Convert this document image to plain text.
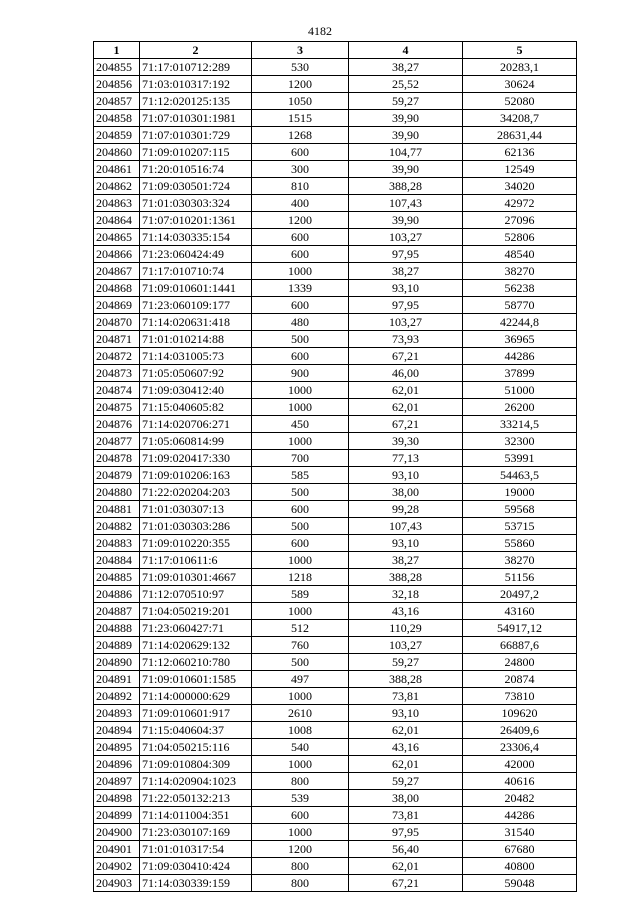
4182
1	2	3	4	5
204855	71:17:010712:289	530	38,27	20283,1
204856	71:03:010317:192	1200	25,52	30624
204857	71:12:020125:135	1050	59,27	52080
204858	71:07:010301:1981	1515	39,90	34208,7
204859	71:07:010301:729	1268	39,90	28631,44
204860	71:09:010207:115	600	104,77	62136
204861	71:20:010516:74	300	39,90	12549
204862	71:09:030501:724	810	388,28	34020
204863	71:01:030303:324	400	107,43	42972
204864	71:07:010201:1361	1200	39,90	27096
204865	71:14:030335:154	600	103,27	52806
204866	71:23:060424:49	600	97,95	48540
204867	71:17:010710:74	1000	38,27	38270
204868	71:09:010601:1441	1339	93,10	56238
204869	71:23:060109:177	600	97,95	58770
204870	71:14:020631:418	480	103,27	42244,8
204871	71:01:010214:88	500	73,93	36965
204872	71:14:031005:73	600	67,21	44286
204873	71:05:050607:92	900	46,00	37899
204874	71:09:030412:40	1000	62,01	51000
204875	71:15:040605:82	1000	62,01	26200
204876	71:14:020706:271	450	67,21	33214,5
204877	71:05:060814:99	1000	39,30	32300
204878	71:09:020417:330	700	77,13	53991
204879	71:09:010206:163	585	93,10	54463,5
204880	71:22:020204:203	500	38,00	19000
204881	71:01:030307:13	600	99,28	59568
204882	71:01:030303:286	500	107,43	53715
204883	71:09:010220:355	600	93,10	55860
204884	71:17:010611:6	1000	38,27	38270
204885	71:09:010301:4667	1218	388,28	51156
204886	71:12:070510:97	589	32,18	20497,2
204887	71:04:050219:201	1000	43,16	43160
204888	71:23:060427:71	512	110,29	54917,12
204889	71:14:020629:132	760	103,27	66887,6
204890	71:12:060210:780	500	59,27	24800
204891	71:09:010601:1585	497	388,28	20874
204892	71:14:000000:629	1000	73,81	73810
204893	71:09:010601:917	2610	93,10	109620
204894	71:15:040604:37	1008	62,01	26409,6
204895	71:04:050215:116	540	43,16	23306,4
204896	71:09:010804:309	1000	62,01	42000
204897	71:14:020904:1023	800	59,27	40616
204898	71:22:050132:213	539	38,00	20482
204899	71:14:011004:351	600	73,81	44286
204900	71:23:030107:169	1000	97,95	31540
204901	71:01:010317:54	1200	56,40	67680
204902	71:09:030410:424	800	62,01	40800
204903	71:14:030339:159	800	67,21	59048
